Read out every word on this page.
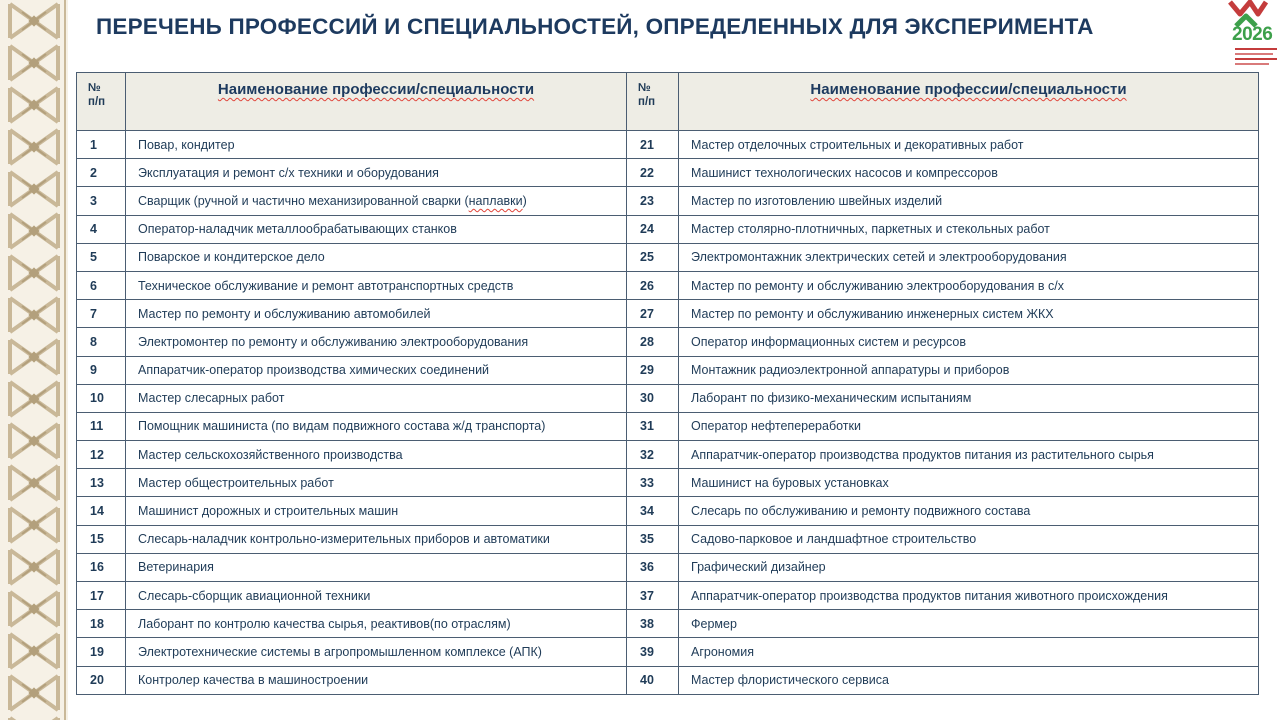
ПЕРЕЧЕНЬ ПРОФЕССИЙ И СПЕЦИАЛЬНОСТЕЙ, ОПРЕДЕЛЕННЫХ ДЛЯ ЭКСПЕРИМЕНТА	2026
№
п/п	Наименование профессии/специальности	№
п/п	Наименование профессии/специальности
1	Повар, кондитер	21	Мастер отделочных строительных и декоративных работ
2	Эксплуатация и ремонт с/х техники и оборудования	22	Машинист технологических насосов и компрессоров
3	Сварщик (ручной и частично механизированной сварки (наплавки)	23	Мастер по изготовлению швейных изделий
4	Оператор-наладчик металлообрабатывающих станков	24	Мастер столярно-плотничных, паркетных и стекольных работ
5	Поварское и кондитерское дело	25	Электромонтажник электрических сетей и электрооборудования
6	Техническое обслуживание и ремонт автотранспортных средств	26	Мастер по ремонту и обслуживанию электрооборудования в с/х
7	Мастер по ремонту и обслуживанию автомобилей	27	Мастер по ремонту и обслуживанию инженерных систем ЖКХ
8	Электромонтер по ремонту и обслуживанию электрооборудования	28	Оператор информационных систем и ресурсов
9	Аппаратчик-оператор производства химических соединений	29	Монтажник радиоэлектронной аппаратуры и приборов
10	Мастер слесарных работ	30	Лаборант по физико-механическим испытаниям
11	Помощник машиниста (по видам подвижного состава ж/д транспорта)	31	Оператор нефтепереработки
12	Мастер сельскохозяйственного производства	32	Аппаратчик-оператор производства продуктов питания из растительного сырья
13	Мастер общестроительных работ	33	Машинист на буровых установках
14	Машинист дорожных и строительных машин	34	Слесарь по обслуживанию и ремонту подвижного состава
15	Слесарь-наладчик контрольно-измерительных приборов и автоматики	35	Садово-парковое и ландшафтное строительство
16	Ветеринария	36	Графический дизайнер
17	Слесарь-сборщик авиационной техники	37	Аппаратчик-оператор производства продуктов питания животного происхождения
18	Лаборант по контролю качества сырья, реактивов(по отраслям)	38	Фермер
19	Электротехнические системы в агропромышленном комплексе (АПК)	39	Агрономия
20	Контролер качества в машиностроении	40	Мастер флористического сервиса
